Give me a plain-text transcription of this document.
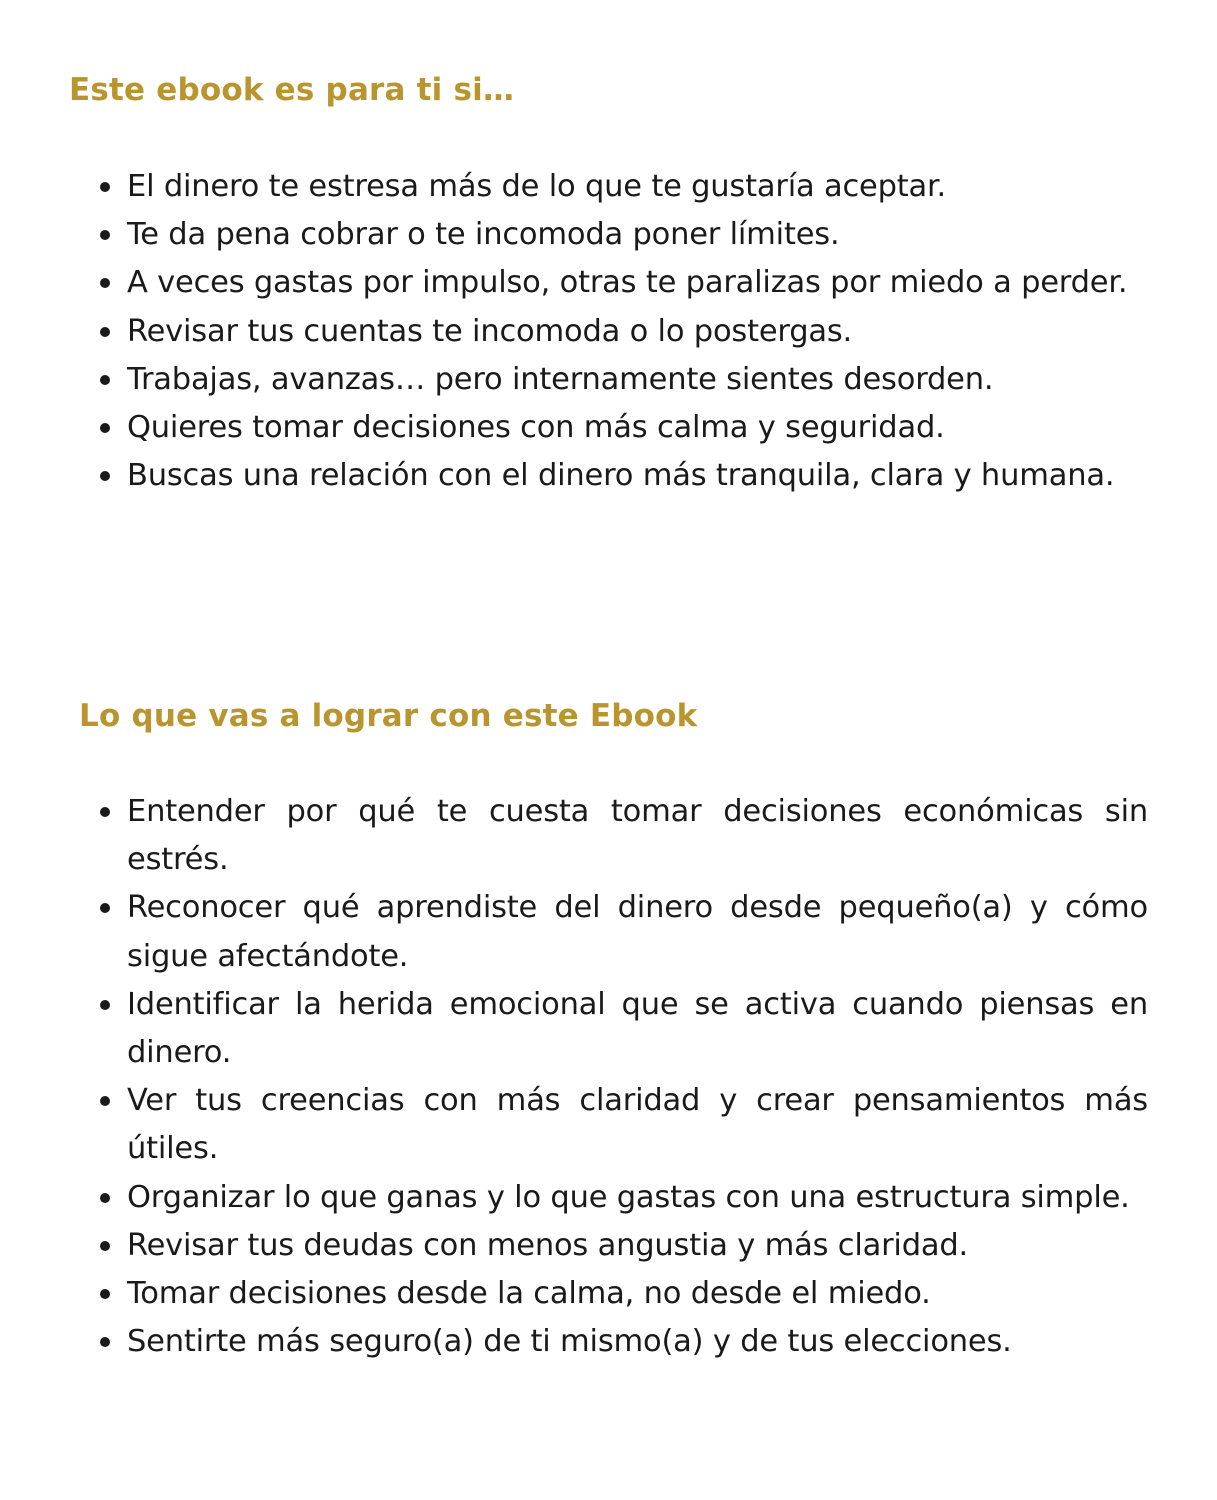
Este ebook es para ti si…
El dinero te estresa más de lo que te gustaría aceptar.
Te da pena cobrar o te incomoda poner límites.
A veces gastas por impulso, otras te paralizas por miedo a perder.
Revisar tus cuentas te incomoda o lo postergas.
Trabajas, avanzas… pero internamente sientes desorden.
Quieres tomar decisiones con más calma y seguridad.
Buscas una relación con el dinero más tranquila, clara y humana.
Lo que vas a lograr con este Ebook
Entender por qué te cuesta tomar decisiones económicas sin estrés.
Reconocer qué aprendiste del dinero desde pequeño(a) y cómo sigue afectándote.
Identificar la herida emocional que se activa cuando piensas en dinero.
Ver tus creencias con más claridad y crear pensamientos más útiles.
Organizar lo que ganas y lo que gastas con una estructura simple.
Revisar tus deudas con menos angustia y más claridad.
Tomar decisiones desde la calma, no desde el miedo.
Sentirte más seguro(a) de ti mismo(a) y de tus elecciones.
